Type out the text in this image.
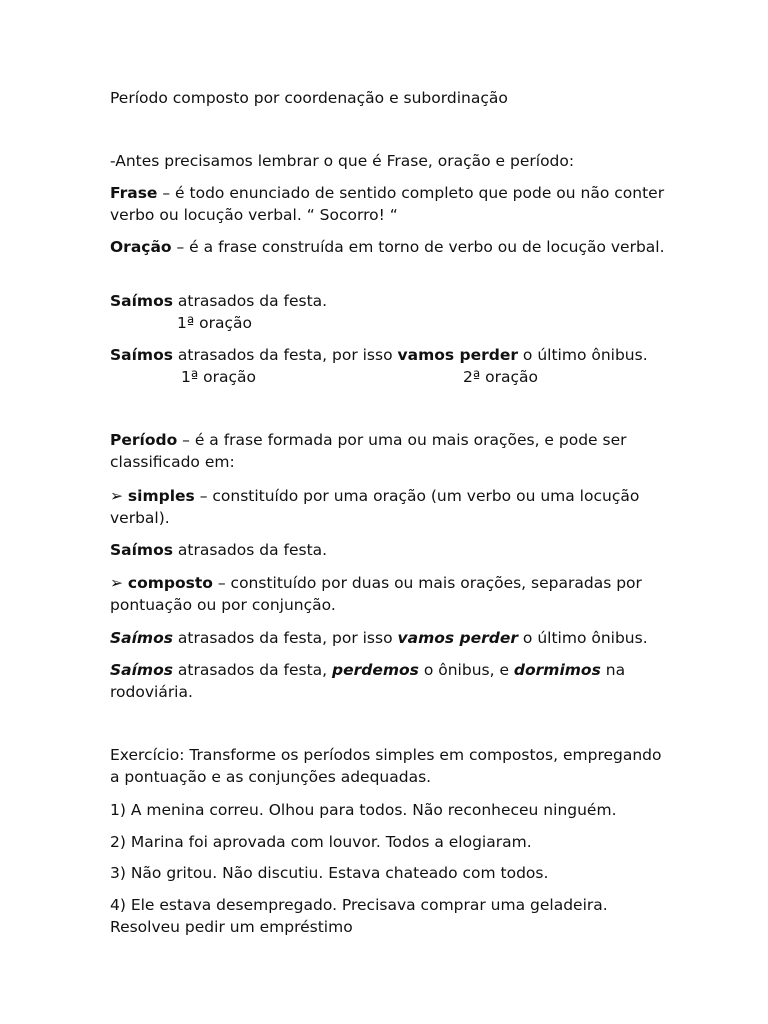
Período composto por coordenação e subordinação

-Antes precisamos lembrar o que é Frase, oração e período:

Frase – é todo enunciado de sentido completo que pode ou não conter verbo ou locução verbal. “ Socorro! “

Oração – é a frase construída em torno de verbo ou de locução verbal.

Saímos atrasados da festa.

1ª oração

Saímos atrasados da festa, por isso vamos perder o último ônibus.

1ª oração	2ª oração

Período – é a frase formada por uma ou mais orações, e pode ser classificado em:

➢ simples – constituído por uma oração (um verbo ou uma locução verbal).

Saímos atrasados da festa.

➢ composto – constituído por duas ou mais orações, separadas por pontuação ou por conjunção.

Saímos atrasados da festa, por isso vamos perder o último ônibus.

Saímos atrasados da festa, perdemos o ônibus, e dormimos na rodoviária.

Exercício: Transforme os períodos simples em compostos, empregando a pontuação e as conjunções adequadas.

1) A menina correu. Olhou para todos. Não reconheceu ninguém.

2) Marina foi aprovada com louvor. Todos a elogiaram.

3) Não gritou. Não discutiu. Estava chateado com todos.

4) Ele estava desempregado. Precisava comprar uma geladeira. Resolveu pedir um empréstimo
